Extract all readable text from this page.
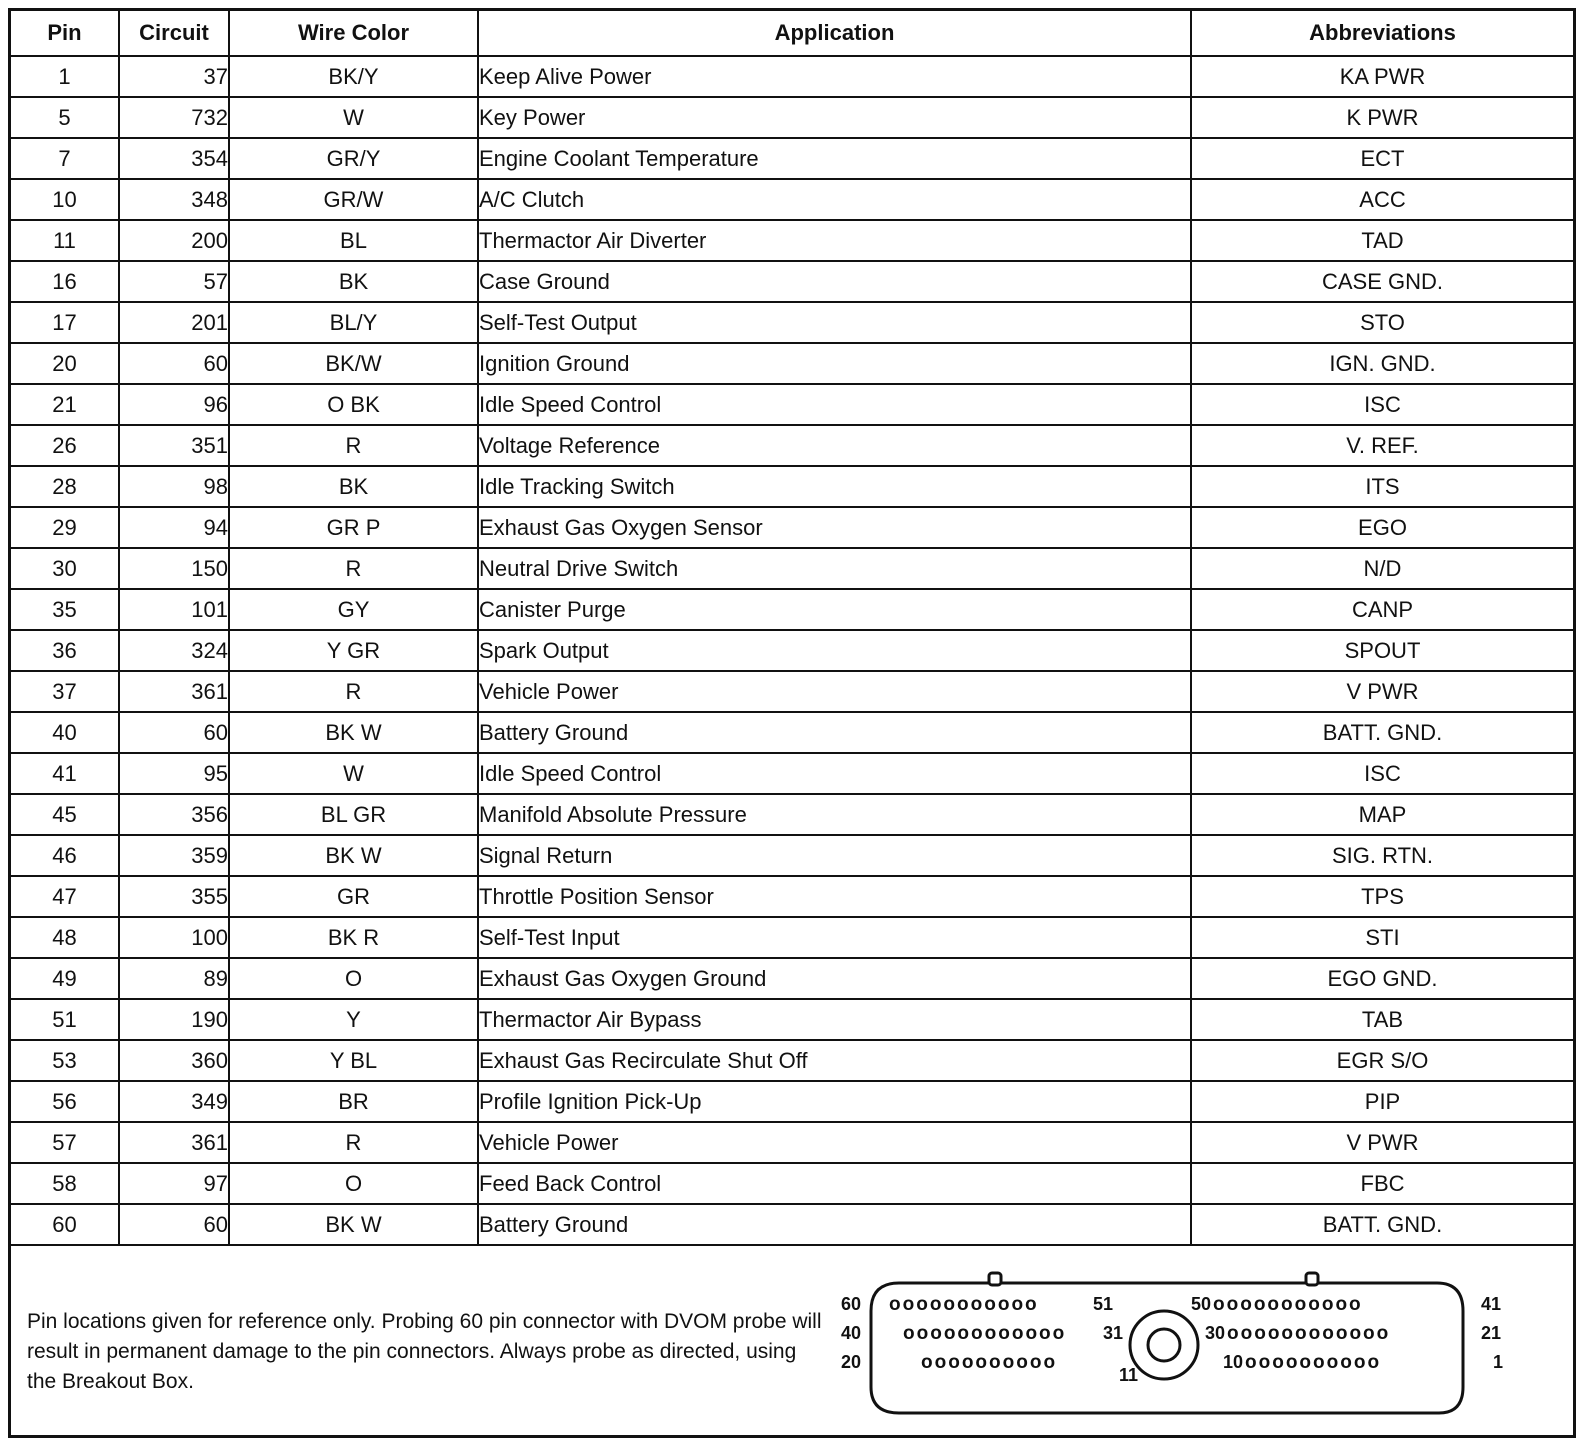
Pin	Circuit	Wire Color	Application	Abbreviations
1	37	BK/Y	Keep Alive Power	KA PWR
5	732	W	Key Power	K PWR
7	354	GR/Y	Engine Coolant Temperature	ECT
10	348	GR/W	A/C Clutch	ACC
11	200	BL	Thermactor Air Diverter	TAD
16	57	BK	Case Ground	CASE GND.
17	201	BL/Y	Self-Test Output	STO
20	60	BK/W	Ignition Ground	IGN. GND.
21	96	O BK	Idle Speed Control	ISC
26	351	R	Voltage Reference	V. REF.
28	98	BK	Idle Tracking Switch	ITS
29	94	GR P	Exhaust Gas Oxygen Sensor	EGO
30	150	R	Neutral Drive Switch	N/D
35	101	GY	Canister Purge	CANP
36	324	Y GR	Spark Output	SPOUT
37	361	R	Vehicle Power	V PWR
40	60	BK W	Battery Ground	BATT. GND.
41	95	W	Idle Speed Control	ISC
45	356	BL GR	Manifold Absolute Pressure	MAP
46	359	BK W	Signal Return	SIG. RTN.
47	355	GR	Throttle Position Sensor	TPS
48	100	BK R	Self-Test Input	STI
49	89	O	Exhaust Gas Oxygen Ground	EGO GND.
51	190	Y	Thermactor Air Bypass	TAB
53	360	Y BL	Exhaust Gas Recirculate Shut Off	EGR S/O
56	349	BR	Profile Ignition Pick-Up	PIP
57	361	R	Vehicle Power	V PWR
58	97	O	Feed Back Control	FBC
60	60	BK W	Battery Ground	BATT. GND.

Pin locations given for reference only. Probing 60 pin connector with DVOM probe will result in permanent damage to the pin connectors. Always probe as directed, using the Breakout Box.

ooooooooooo
oooooooooooo
oooooooooo
ooooooooooo
oooooooooooo
oooooooooo
60
40
20
41
21
1
51
31
11
50
30
10
